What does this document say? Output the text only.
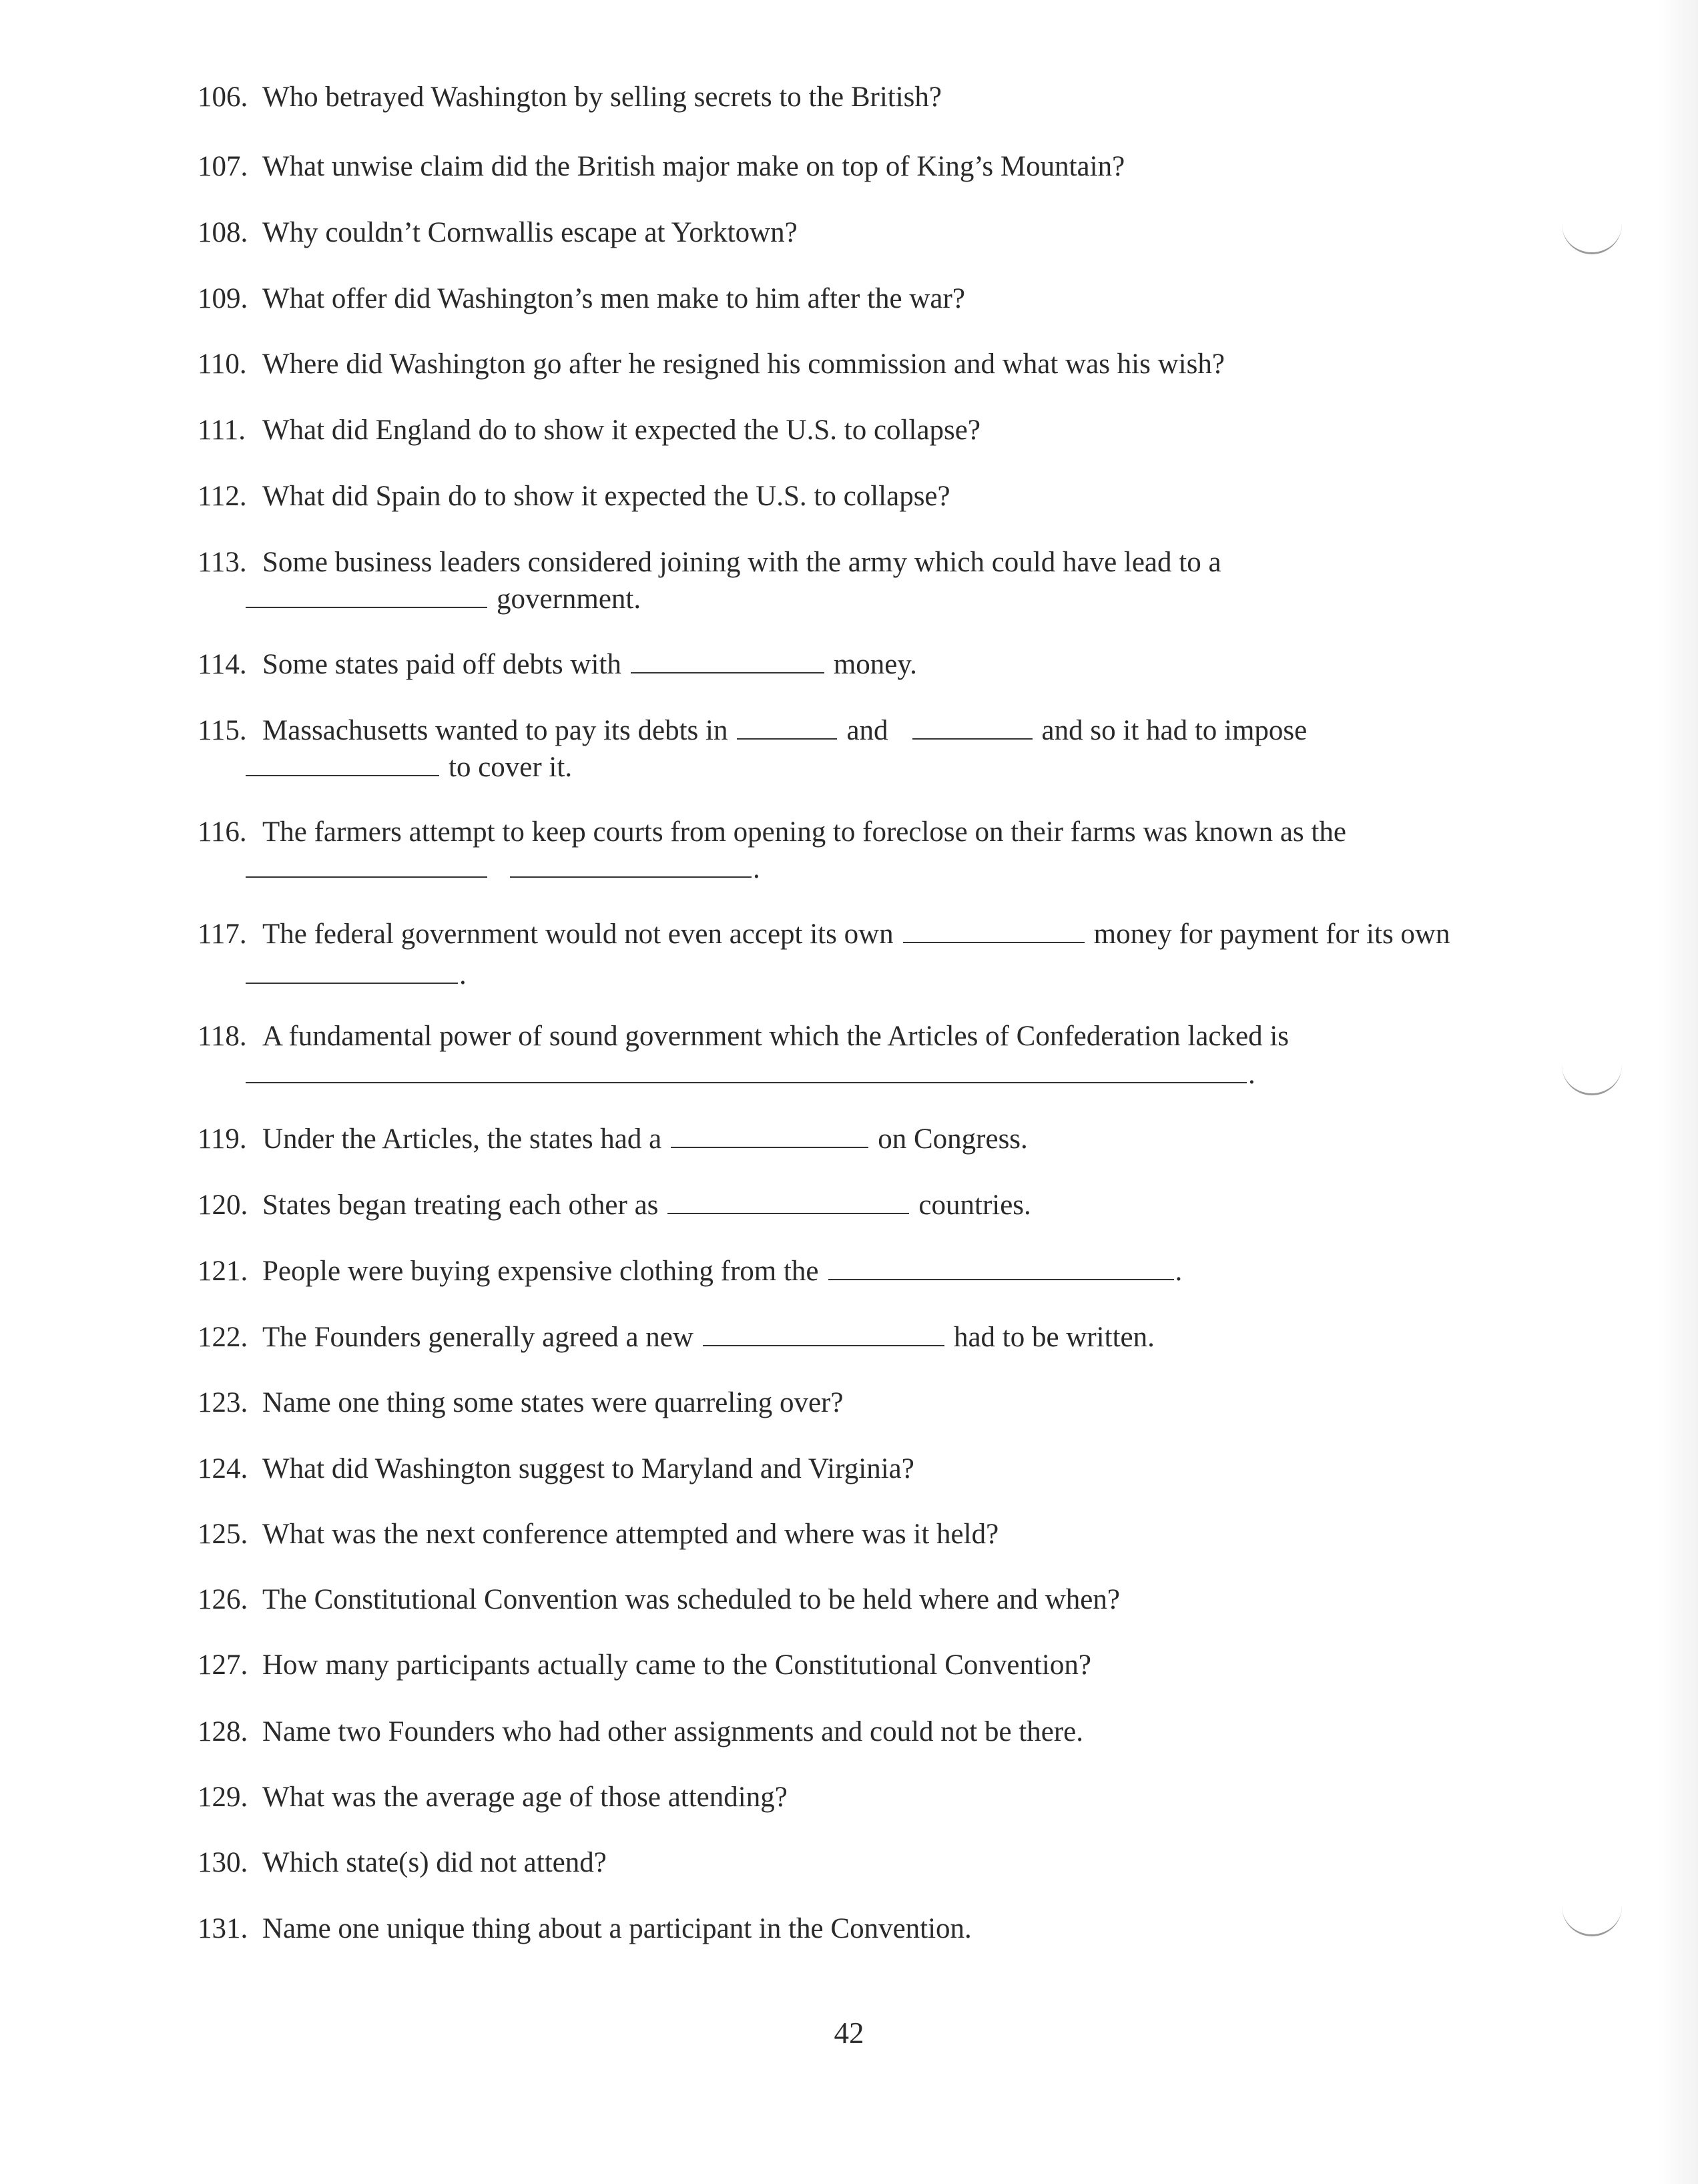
106. Who betrayed Washington by selling secrets to the British?
107. What unwise claim did the British major make on top of King’s Mountain?
108. Why couldn’t Cornwallis escape at Yorktown?
109. What offer did Washington’s men make to him after the war?
110. Where did Washington go after he resigned his commission and what was his wish?
111. What did England do to show it expected the U.S. to collapse?
112. What did Spain do to show it expected the U.S. to collapse?
113. Some business leaders considered joining with the army which could have lead to a
government.
114. Some states paid off debts with	money.
115. Massachusetts wanted to pay its debts in	and	and so it had to impose
to cover it.
116. The farmers attempt to keep courts from opening to foreclose on their farms was known as the
.
117. The federal government would not even accept its own	money for payment for its own
.
118. A fundamental power of sound government which the Articles of Confederation lacked is
.
119. Under the Articles, the states had a	on Congress.
120. States began treating each other as	countries.
121. People were buying expensive clothing from the	.
122. The Founders generally agreed a new	had to be written.
123. Name one thing some states were quarreling over?
124. What did Washington suggest to Maryland and Virginia?
125. What was the next conference attempted and where was it held?
126. The Constitutional Convention was scheduled to be held where and when?
127. How many participants actually came to the Constitutional Convention?
128. Name two Founders who had other assignments and could not be there.
129. What was the average age of those attending?
130. Which state(s) did not attend?
131. Name one unique thing about a participant in the Convention.
42
